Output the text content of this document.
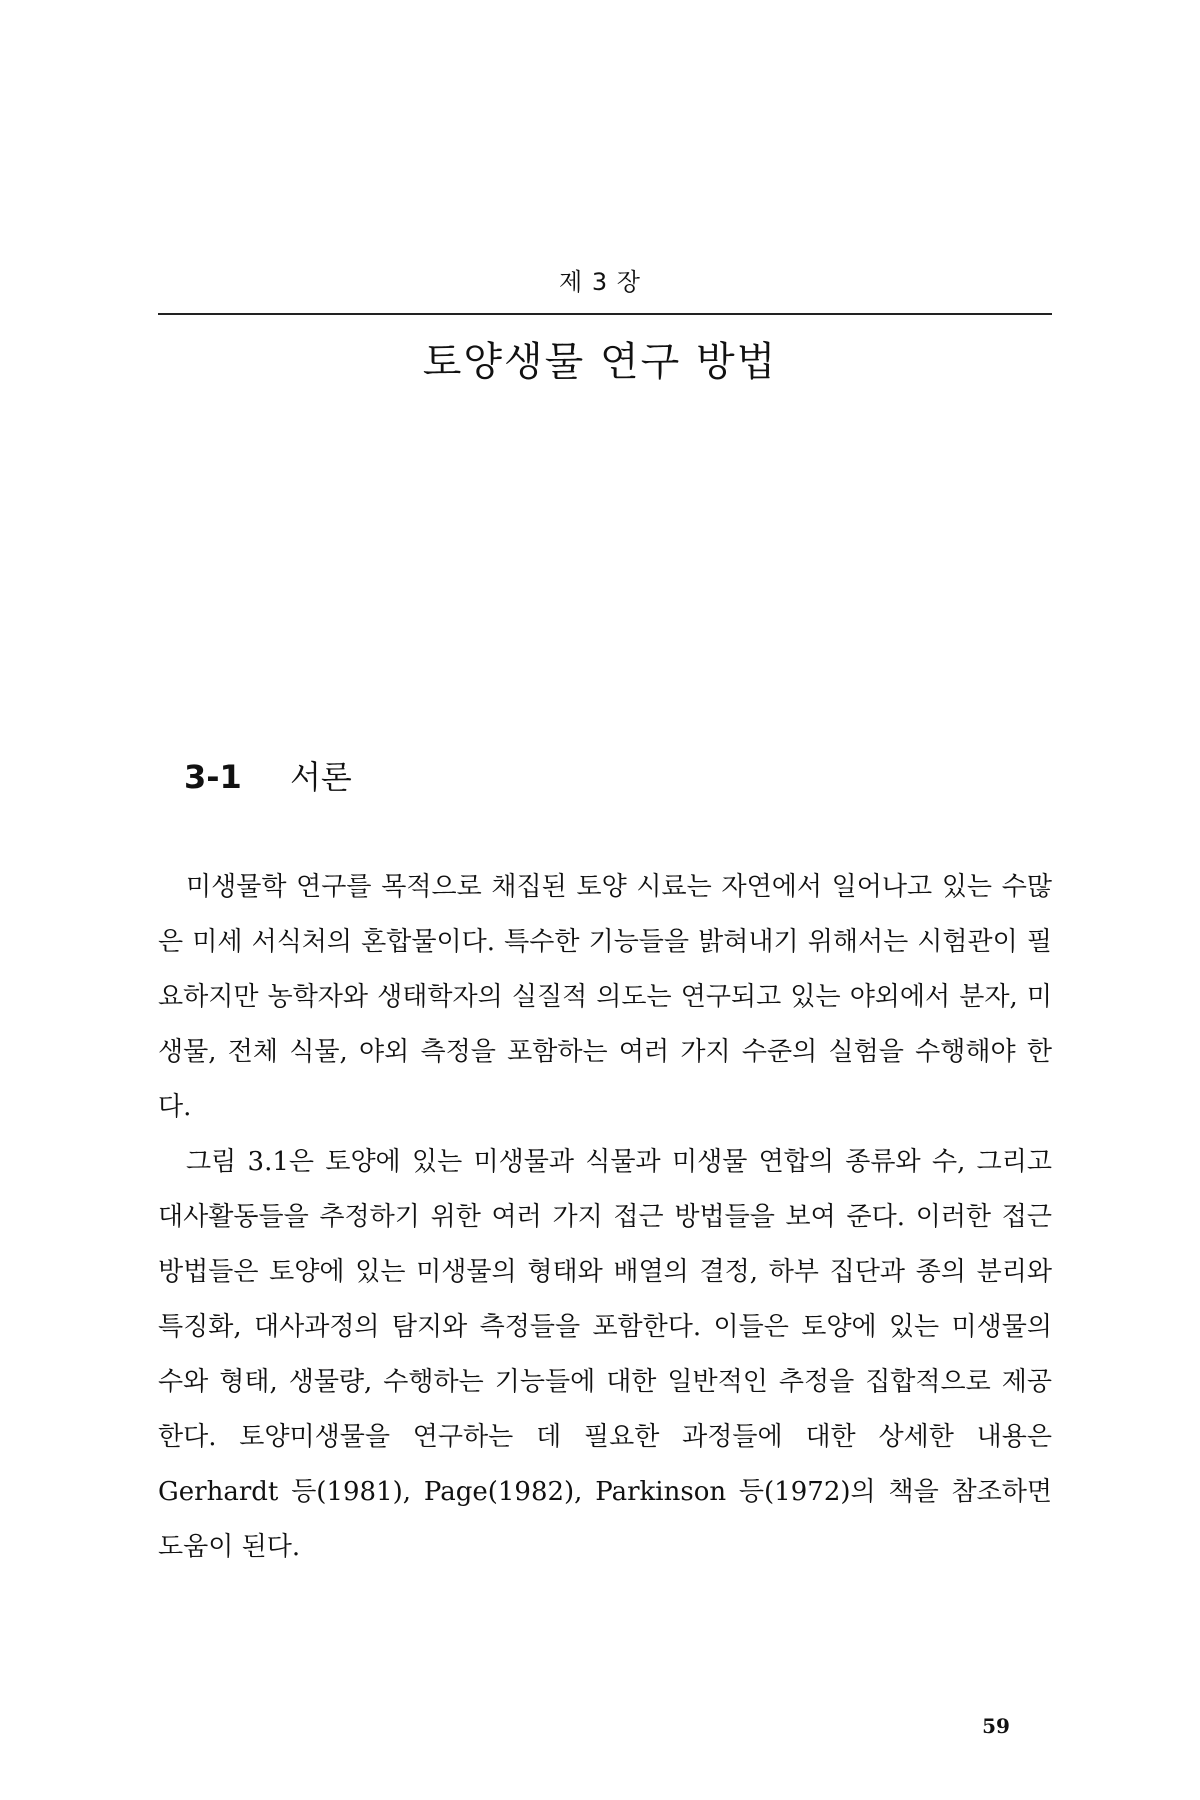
제 3 장
토양생물 연구 방법
3-1 서론

미생물학 연구를 목적으로 채집된 토양 시료는 자연에서 일어나고 있는 수많은 미세 서식처의 혼합물이다. 특수한 기능들을 밝혀내기 위해서는 시험관이 필요하지만 농학자와 생태학자의 실질적 의도는 연구되고 있는 야외에서 분자, 미생물, 전체 식물, 야외 측정을 포함하는 여러 가지 수준의 실험을 수행해야 한다.

그림 3.1은 토양에 있는 미생물과 식물과 미생물 연합의 종류와 수, 그리고 대사활동들을 추정하기 위한 여러 가지 접근 방법들을 보여 준다. 이러한 접근 방법들은 토양에 있는 미생물의 형태와 배열의 결정, 하부 집단과 종의 분리와 특징화, 대사과정의 탐지와 측정들을 포함한다. 이들은 토양에 있는 미생물의 수와 형태, 생물량, 수행하는 기능들에 대한 일반적인 추정을 집합적으로 제공한다. 토양미생물을 연구하는 데 필요한 과정들에 대한 상세한 내용은 Gerhardt 등(1981), Page(1982), Parkinson 등(1972)의 책을 참조하면 도움이 된다.

59
